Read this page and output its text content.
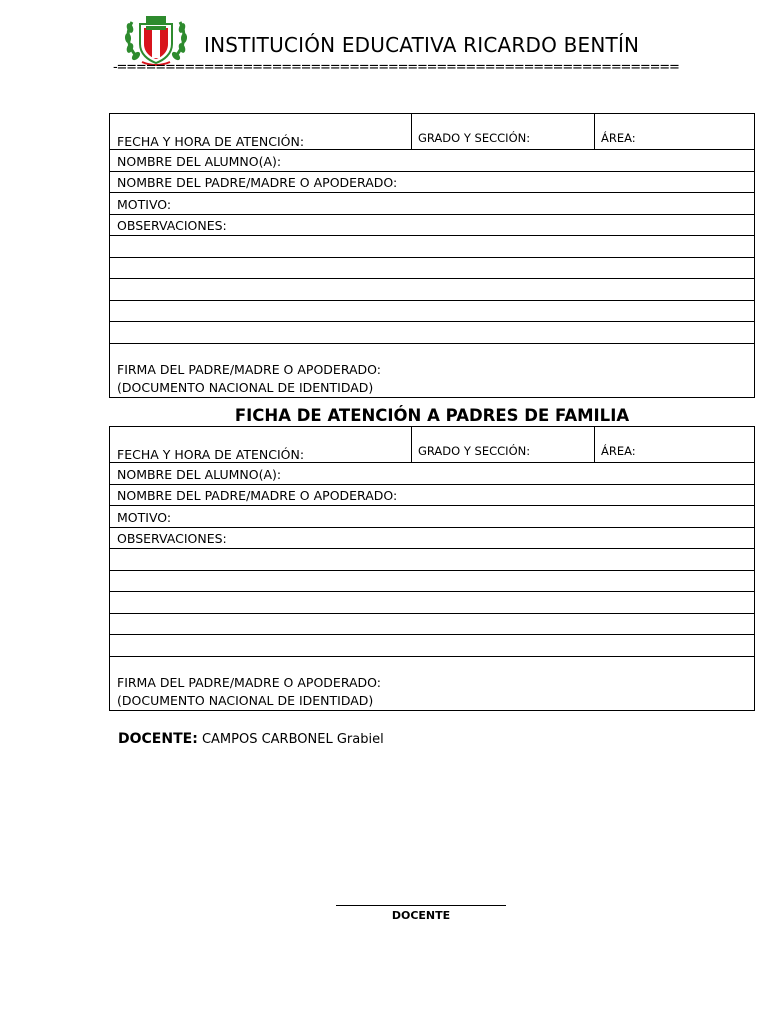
INSTITUCIÓN EDUCATIVA RICARDO BENTÍN
-==========================================================
FECHA Y HORA DE ATENCIÓN:	GRADO Y SECCIÓN:	ÁREA:
NOMBRE DEL ALUMNO(A):
NOMBRE DEL PADRE/MADRE O APODERADO:
MOTIVO:
OBSERVACIONES:
FIRMA DEL PADRE/MADRE O APODERADO:
(DOCUMENTO NACIONAL DE IDENTIDAD)
FICHA DE ATENCIÓN A PADRES DE FAMILIA
FECHA Y HORA DE ATENCIÓN:	GRADO Y SECCIÓN:	ÁREA:
NOMBRE DEL ALUMNO(A):
NOMBRE DEL PADRE/MADRE O APODERADO:
MOTIVO:
OBSERVACIONES:
FIRMA DEL PADRE/MADRE O APODERADO:
(DOCUMENTO NACIONAL DE IDENTIDAD)
DOCENTE: CAMPOS CARBONEL Grabiel
DOCENTE
